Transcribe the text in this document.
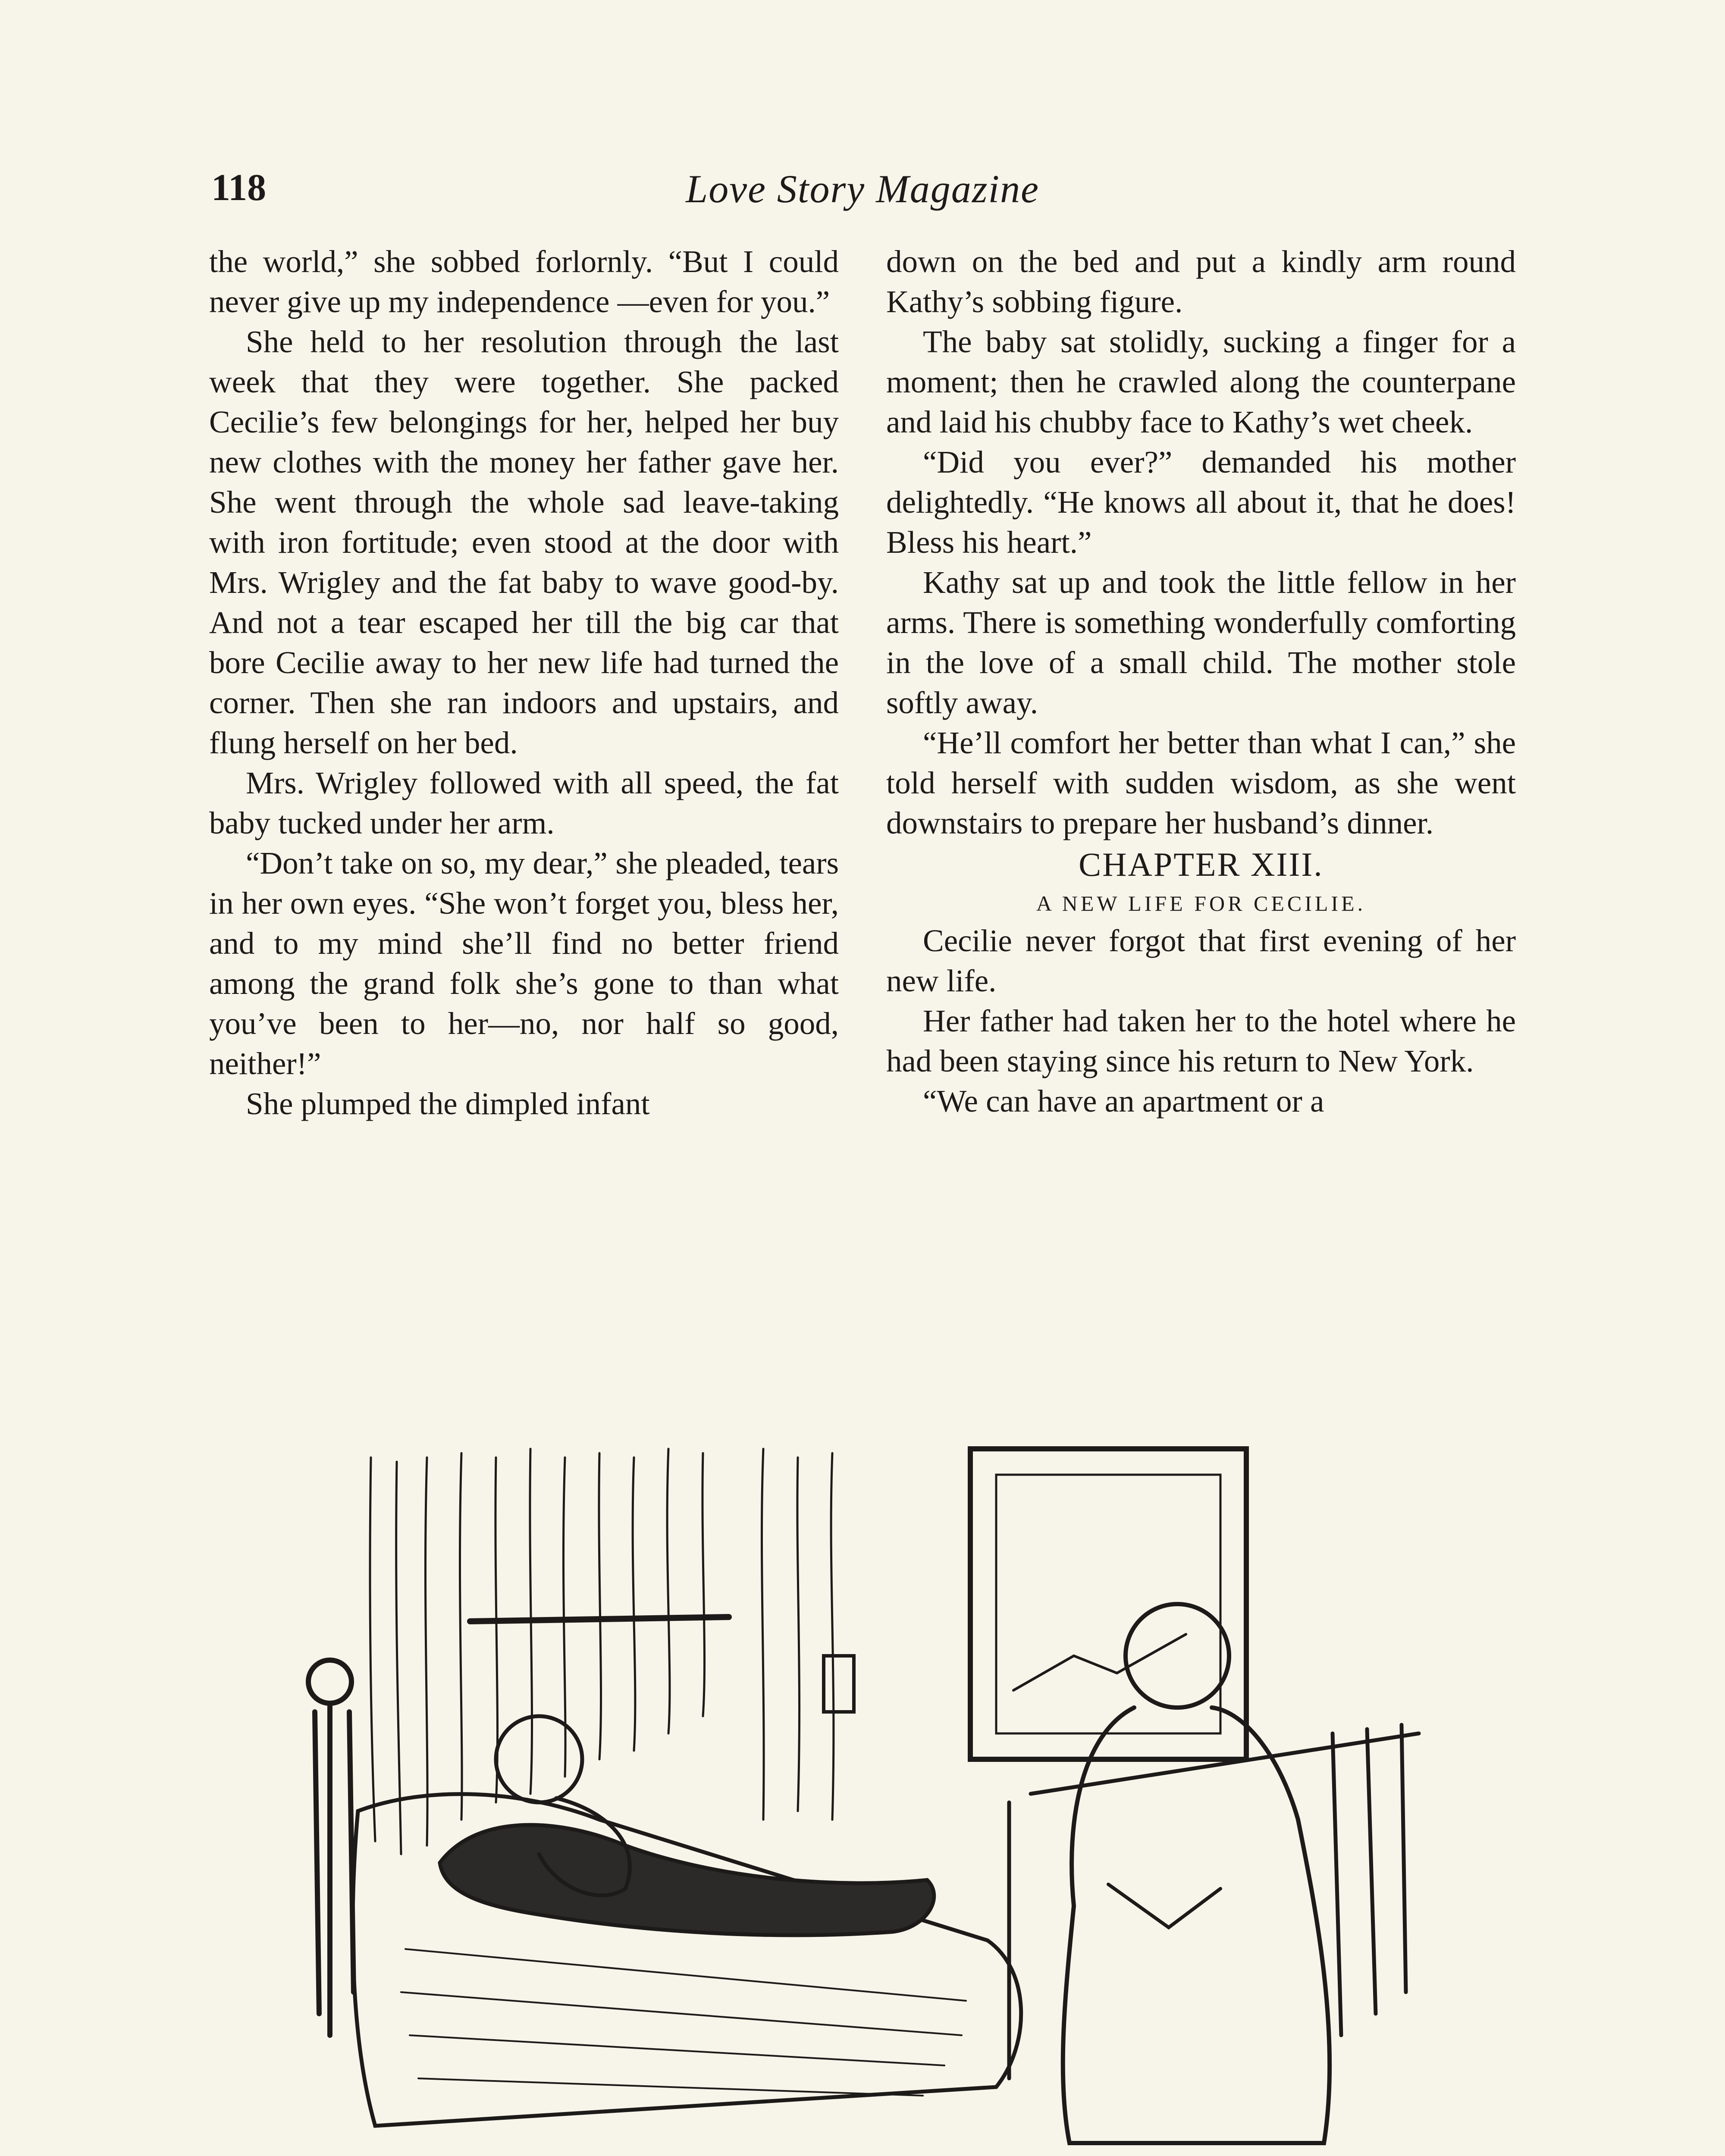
118	Love Story Magazine

the world,” she sobbed forlornly. “But I could never give up my independence —even for you.”

She held to her resolution through the last week that they were together. She packed Cecilie’s few belongings for her, helped her buy new clothes with the money her father gave her. She went through the whole sad leave-taking with iron fortitude; even stood at the door with Mrs. Wrigley and the fat baby to wave good-by. And not a tear escaped her till the big car that bore Cecilie away to her new life had turned the corner. Then she ran indoors and upstairs, and flung herself on her bed.

Mrs. Wrigley followed with all speed, the fat baby tucked under her arm.

“Don’t take on so, my dear,” she pleaded, tears in her own eyes. “She won’t forget you, bless her, and to my mind she’ll find no better friend among the grand folk she’s gone to than what you’ve been to her—no, nor half so good, neither!”

She plumped the dimpled infant

down on the bed and put a kindly arm round Kathy’s sobbing figure.

The baby sat stolidly, sucking a finger for a moment; then he crawled along the counterpane and laid his chubby face to Kathy’s wet cheek.

“Did you ever?” demanded his mother delightedly. “He knows all about it, that he does! Bless his heart.”

Kathy sat up and took the little fellow in her arms. There is something wonderfully comforting in the love of a small child. The mother stole softly away.

“He’ll comfort her better than what I can,” she told herself with sudden wisdom, as she went downstairs to prepare her husband’s dinner.

CHAPTER XIII.

A NEW LIFE FOR CECILIE.

Cecilie never forgot that first evening of her new life.

Her father had taken her to the hotel where he had been staying since his return to New York.

“We can have an apartment or a
